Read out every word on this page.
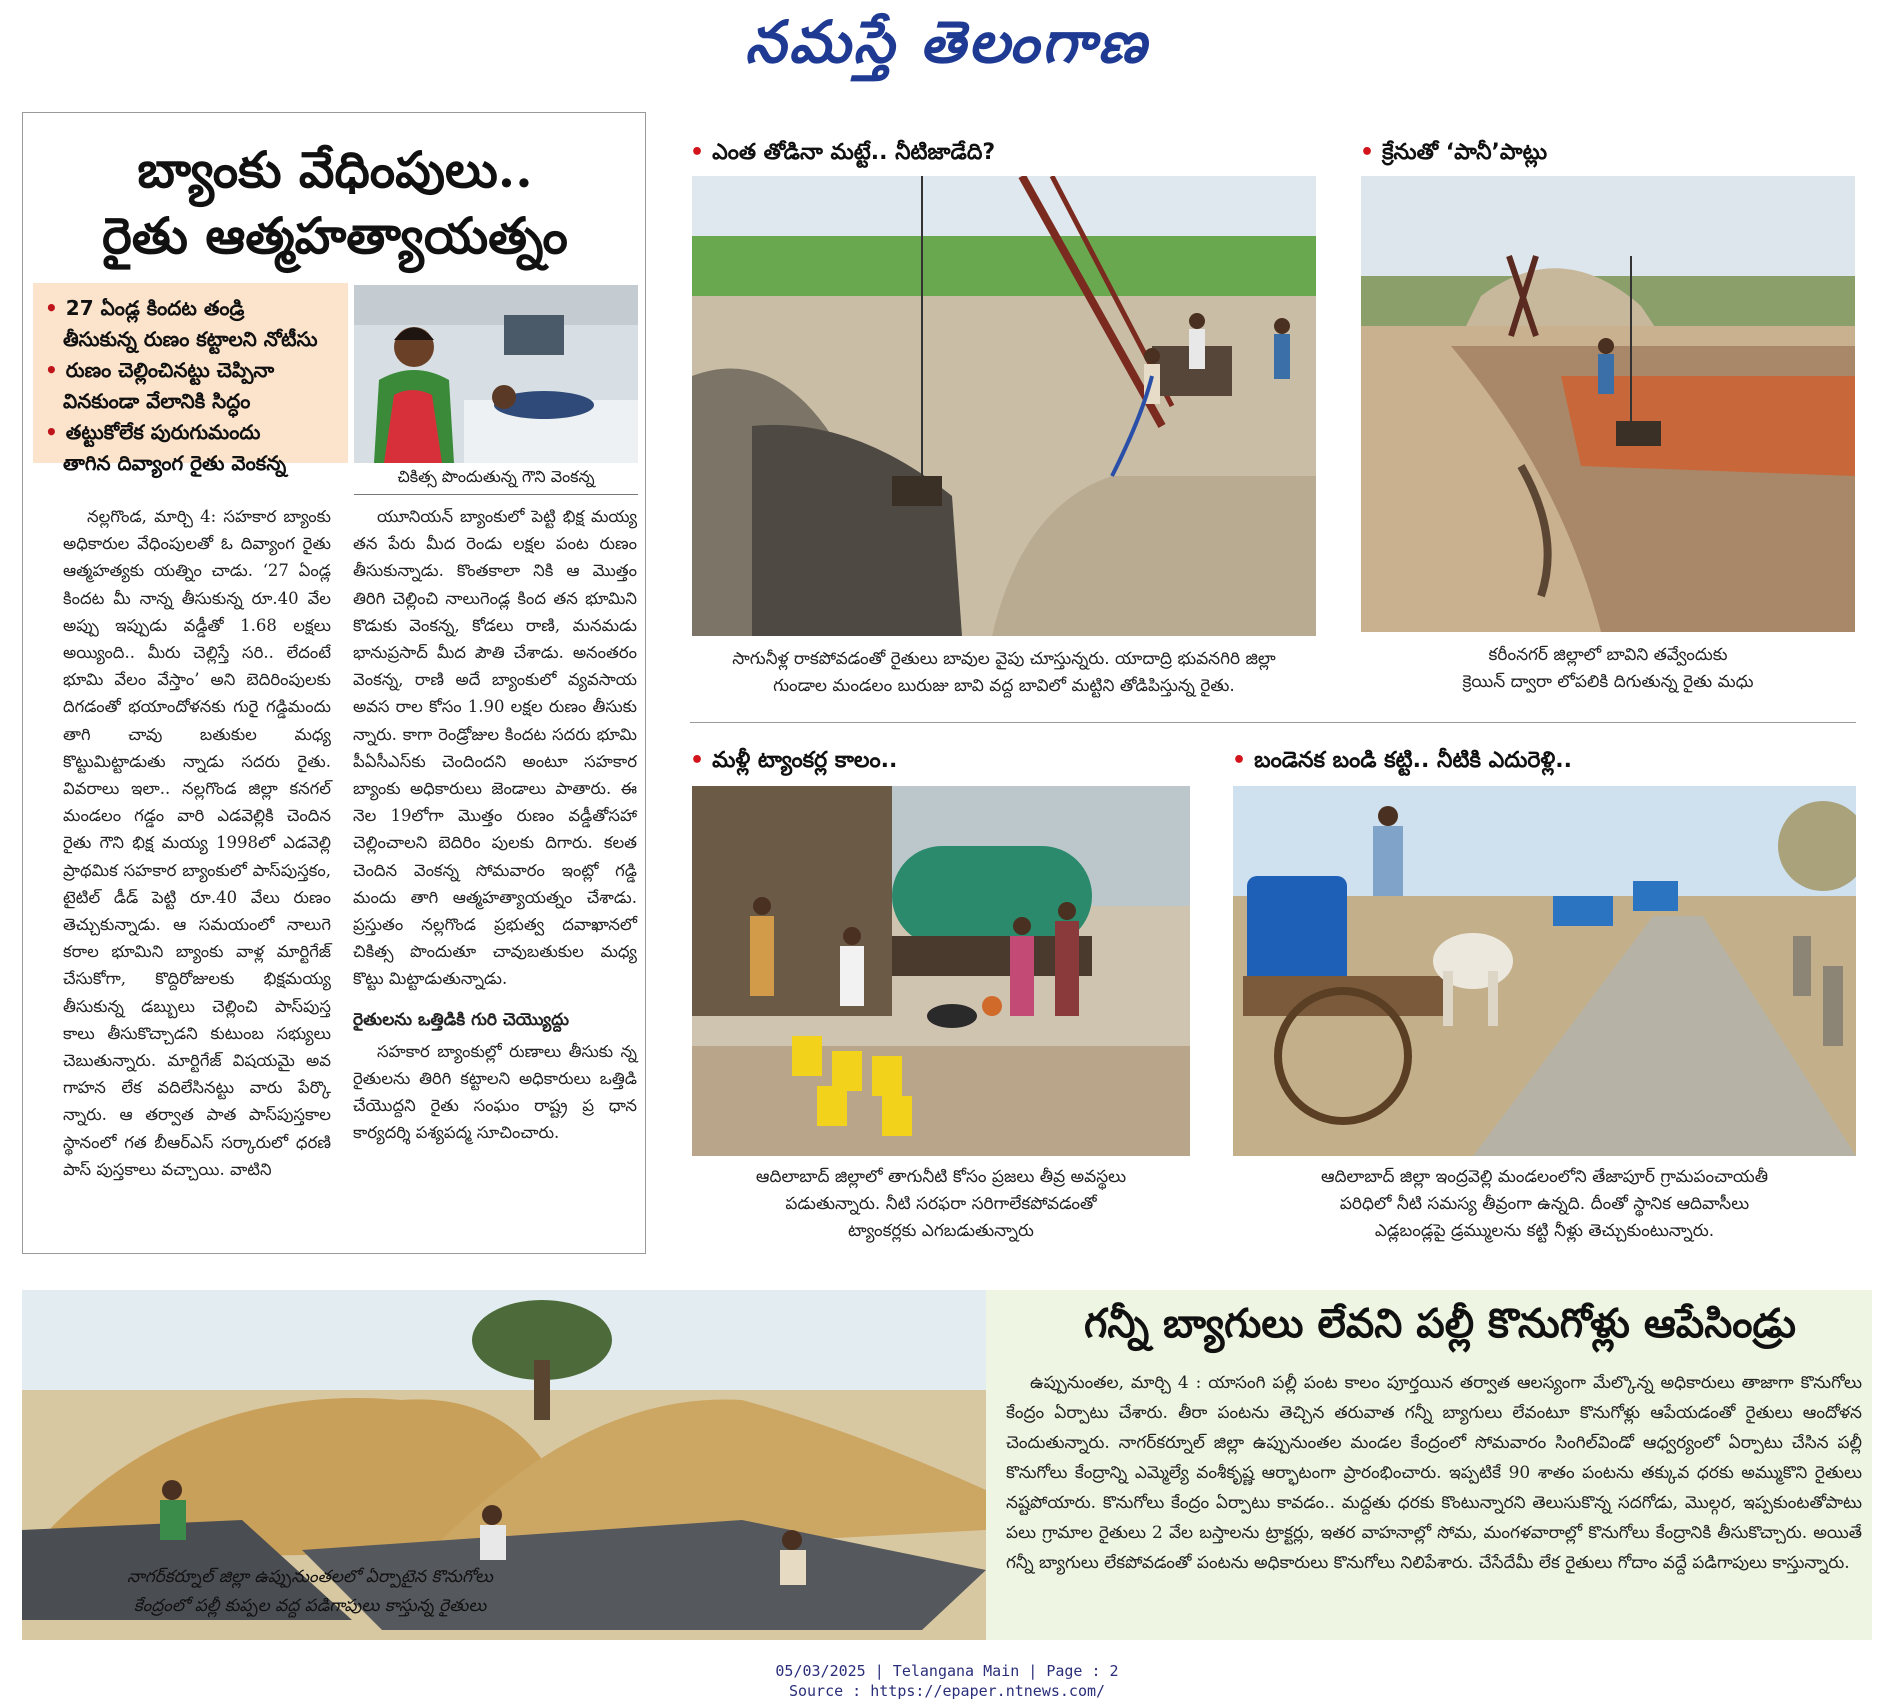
నమస్తే తెలంగాణ
బ్యాంకు వేధింపులు..
రైతు ఆత్మహత్యాయత్నం
• 27 ఏండ్ల కిందట తండ్రి
తీసుకున్న రుణం కట్టాలని నోటీసు
• రుణం చెల్లించినట్టు చెప్పినా
వినకుండా వేలానికి సిద్ధం
• తట్టుకోలేక పురుగుమందు
తాగిన దివ్యాంగ రైతు వెంకన్న
చికిత్స పొందుతున్న గౌని వెంకన్న
నల్లగొండ, మార్చి 4: సహకార బ్యాంకు అధికారుల వేధింపులతో ఓ దివ్యాంగ రైతు ఆత్మహత్యకు యత్నిం చాడు. ‘27 ఏండ్ల కిందట మీ నాన్న తీసుకున్న రూ.40 వేల అప్పు ఇప్పుడు వడ్డీతో 1.68 లక్షలు అయ్యింది.. మీరు చెల్లిస్తే సరి.. లేదంటే భూమి వేలం వేస్తాం’ అని బెదిరింపులకు దిగడంతో భయాందోళనకు గురై గడ్డిమందు తాగి చావు బతుకుల మధ్య కొట్టుమిట్టాడుతు న్నాడు సదరు రైతు. వివరాలు ఇలా.. నల్లగొండ జిల్లా కనగల్‌ మండలం గడ్డం వారి ఎడవెల్లికి చెందిన రైతు గౌని భిక్ష మయ్య 1998లో ఎడవెల్లి ప్రాథమిక సహకార బ్యాంకులో పాస్‌పుస్తకం, టైటిల్‌ డీడ్‌ పెట్టి రూ.40 వేలు రుణం తెచ్చుకున్నాడు. ఆ సమయంలో నాలుగె కరాల భూమిని బ్యాంకు వాళ్ల మార్టిగేజ్‌ చేసుకోగా, కొద్దిరోజులకు భిక్షమయ్య తీసుకున్న డబ్బులు చెల్లించి పాస్‌పుస్త కాలు తీసుకొచ్చాడని కుటుంబ సభ్యులు చెబుతున్నారు. మార్టిగేజ్‌ విషయమై అవ గాహన లేక వదిలేసినట్టు వారు పేర్కొ న్నారు. ఆ తర్వాత పాత పాస్‌పుస్తకాల స్థానంలో గత బీఆర్‌ఎస్‌ సర్కారులో ధరణి పాస్‌ పుస్తకాలు వచ్చాయి. వాటిని
యూనియన్‌ బ్యాంకులో పెట్టి భిక్ష మయ్య తన పేరు మీద రెండు లక్షల పంట రుణం తీసుకున్నాడు. కొంతకాలా నికి ఆ మొత్తం తిరిగి చెల్లించి నాలుగెండ్ల కింద తన భూమిని కొడుకు వెంకన్న, కోడలు రాణి, మనమడు భానుప్రసాద్‌ మీద పౌతి చేశాడు. అనంతరం వెంకన్న, రాణి అదే బ్యాంకులో వ్యవసాయ అవస రాల కోసం 1.90 లక్షల రుణం తీసుకు న్నారు. కాగా రెండ్రోజుల కిందట సదరు భూమి పీఏసీఎస్‌కు చెందిందని అంటూ సహకార బ్యాంకు అధికారులు జెండాలు పాతారు. ఈ నెల 19లోగా మొత్తం రుణం వడ్డీతోసహా చెల్లించాలని బెదిరిం పులకు దిగారు. కలత చెందిన వెంకన్న సోమవారం ఇంట్లో గడ్డి మందు తాగి ఆత్మహత్యాయత్నం చేశాడు. ప్రస్తుతం నల్లగొండ ప్రభుత్వ దవాఖానలో చికిత్స పొందుతూ చావుబతుకుల మధ్య కొట్టు మిట్టాడుతున్నాడు.
రైతులను ఒత్తిడికి గురి చెయ్యొద్దు
సహకార బ్యాంకుల్లో రుణాలు తీసుకు న్న రైతులను తిరిగి కట్టాలని అధికారులు ఒత్తిడి చేయొద్దని రైతు సంఘం రాష్ట్ర ప్ర ధాన కార్యదర్శి పశ్యపద్మ సూచించారు.
• ఎంత తోడినా మట్టే.. నీటిజాడేది?
సాగునీళ్ల రాకపోవడంతో రైతులు బావుల వైపు చూస్తున్నరు. యాదాద్రి భువనగిరి జిల్లా
గుండాల మండలం బురుజు బావి వద్ద బావిలో మట్టిని తోడిపిస్తున్న రైతు.
• క్రేనుతో ‘పానీ’పాట్లు
కరీంనగర్‌ జిల్లాలో బావిని తవ్వేందుకు
క్రెయిన్‌ ద్వారా లోపలికి దిగుతున్న రైతు మధు
• మళ్లీ ట్యాంకర్ల కాలం..
ఆదిలాబాద్‌ జిల్లాలో తాగునీటి కోసం ప్రజలు తీవ్ర అవస్థలు
పడుతున్నారు. నీటి సరఫరా సరిగాలేకపోవడంతో
ట్యాంకర్లకు ఎగబడుతున్నారు
• బండెనక బండి కట్టి.. నీటికి ఎదురెళ్లి..
ఆదిలాబాద్‌ జిల్లా ఇంద్రవెల్లి మండలంలోని తేజాపూర్‌ గ్రామపంచాయతీ
పరిధిలో నీటి సమస్య తీవ్రంగా ఉన్నది. దీంతో స్థానిక ఆదివాసీలు
ఎడ్లబండ్లపై డ్రమ్ములను కట్టి నీళ్లు తెచ్చుకుంటున్నారు.
నాగర్‌కర్నూల్‌ జిల్లా ఉప్పునుంతలలో ఏర్పాటైన కొనుగోలు
కేంద్రంలో పల్లీ కుప్పల వద్ద పడిగాపులు కాస్తున్న రైతులు
గన్నీ బ్యాగులు లేవని పల్లీ కొనుగోళ్లు ఆపేసిండ్రు
ఉప్పునుంతల, మార్చి 4 : యాసంగి పల్లీ పంట కాలం పూర్తయిన తర్వాత ఆలస్యంగా మేల్కొన్న అధికారులు తాజాగా కొనుగోలు కేంద్రం ఏర్పాటు చేశారు. తీరా పంటను తెచ్చిన తరువాత గన్నీ బ్యాగులు లేవంటూ కొనుగోళ్లు ఆపేయడంతో రైతులు ఆందోళన చెందుతున్నారు. నాగర్‌కర్నూల్‌ జిల్లా ఉప్పునుంతల మండల కేంద్రంలో సోమవారం సింగిల్‌విండో ఆధ్వర్యంలో ఏర్పాటు చేసిన పల్లీ కొనుగోలు కేంద్రాన్ని ఎమ్మెల్యే వంశీకృష్ణ ఆర్భాటంగా ప్రారంభించారు. ఇప్పటికే 90 శాతం పంటను తక్కువ ధరకు అమ్ముకొని రైతులు నష్టపోయారు. కొనుగోలు కేంద్రం ఏర్పాటు కావడం.. మద్దతు ధరకు కొంటున్నారని తెలుసుకొన్న సదగోడు, మొల్గర, ఇప్పకుంటతోపాటు పలు గ్రామాల రైతులు 2 వేల బస్తాలను ట్రాక్టర్లు, ఇతర వాహనాల్లో సోమ, మంగళవారాల్లో కొనుగోలు కేంద్రానికి తీసుకొచ్చారు. అయితే గన్నీ బ్యాగులు లేకపోవడంతో పంటను అధికారులు కొనుగోలు నిలిపేశారు. చేసేదేమీ లేక రైతులు గోదాం వద్దే పడిగాపులు కాస్తున్నారు.
05/03/2025 | Telangana Main | Page : 2
Source : https://epaper.ntnews.com/
